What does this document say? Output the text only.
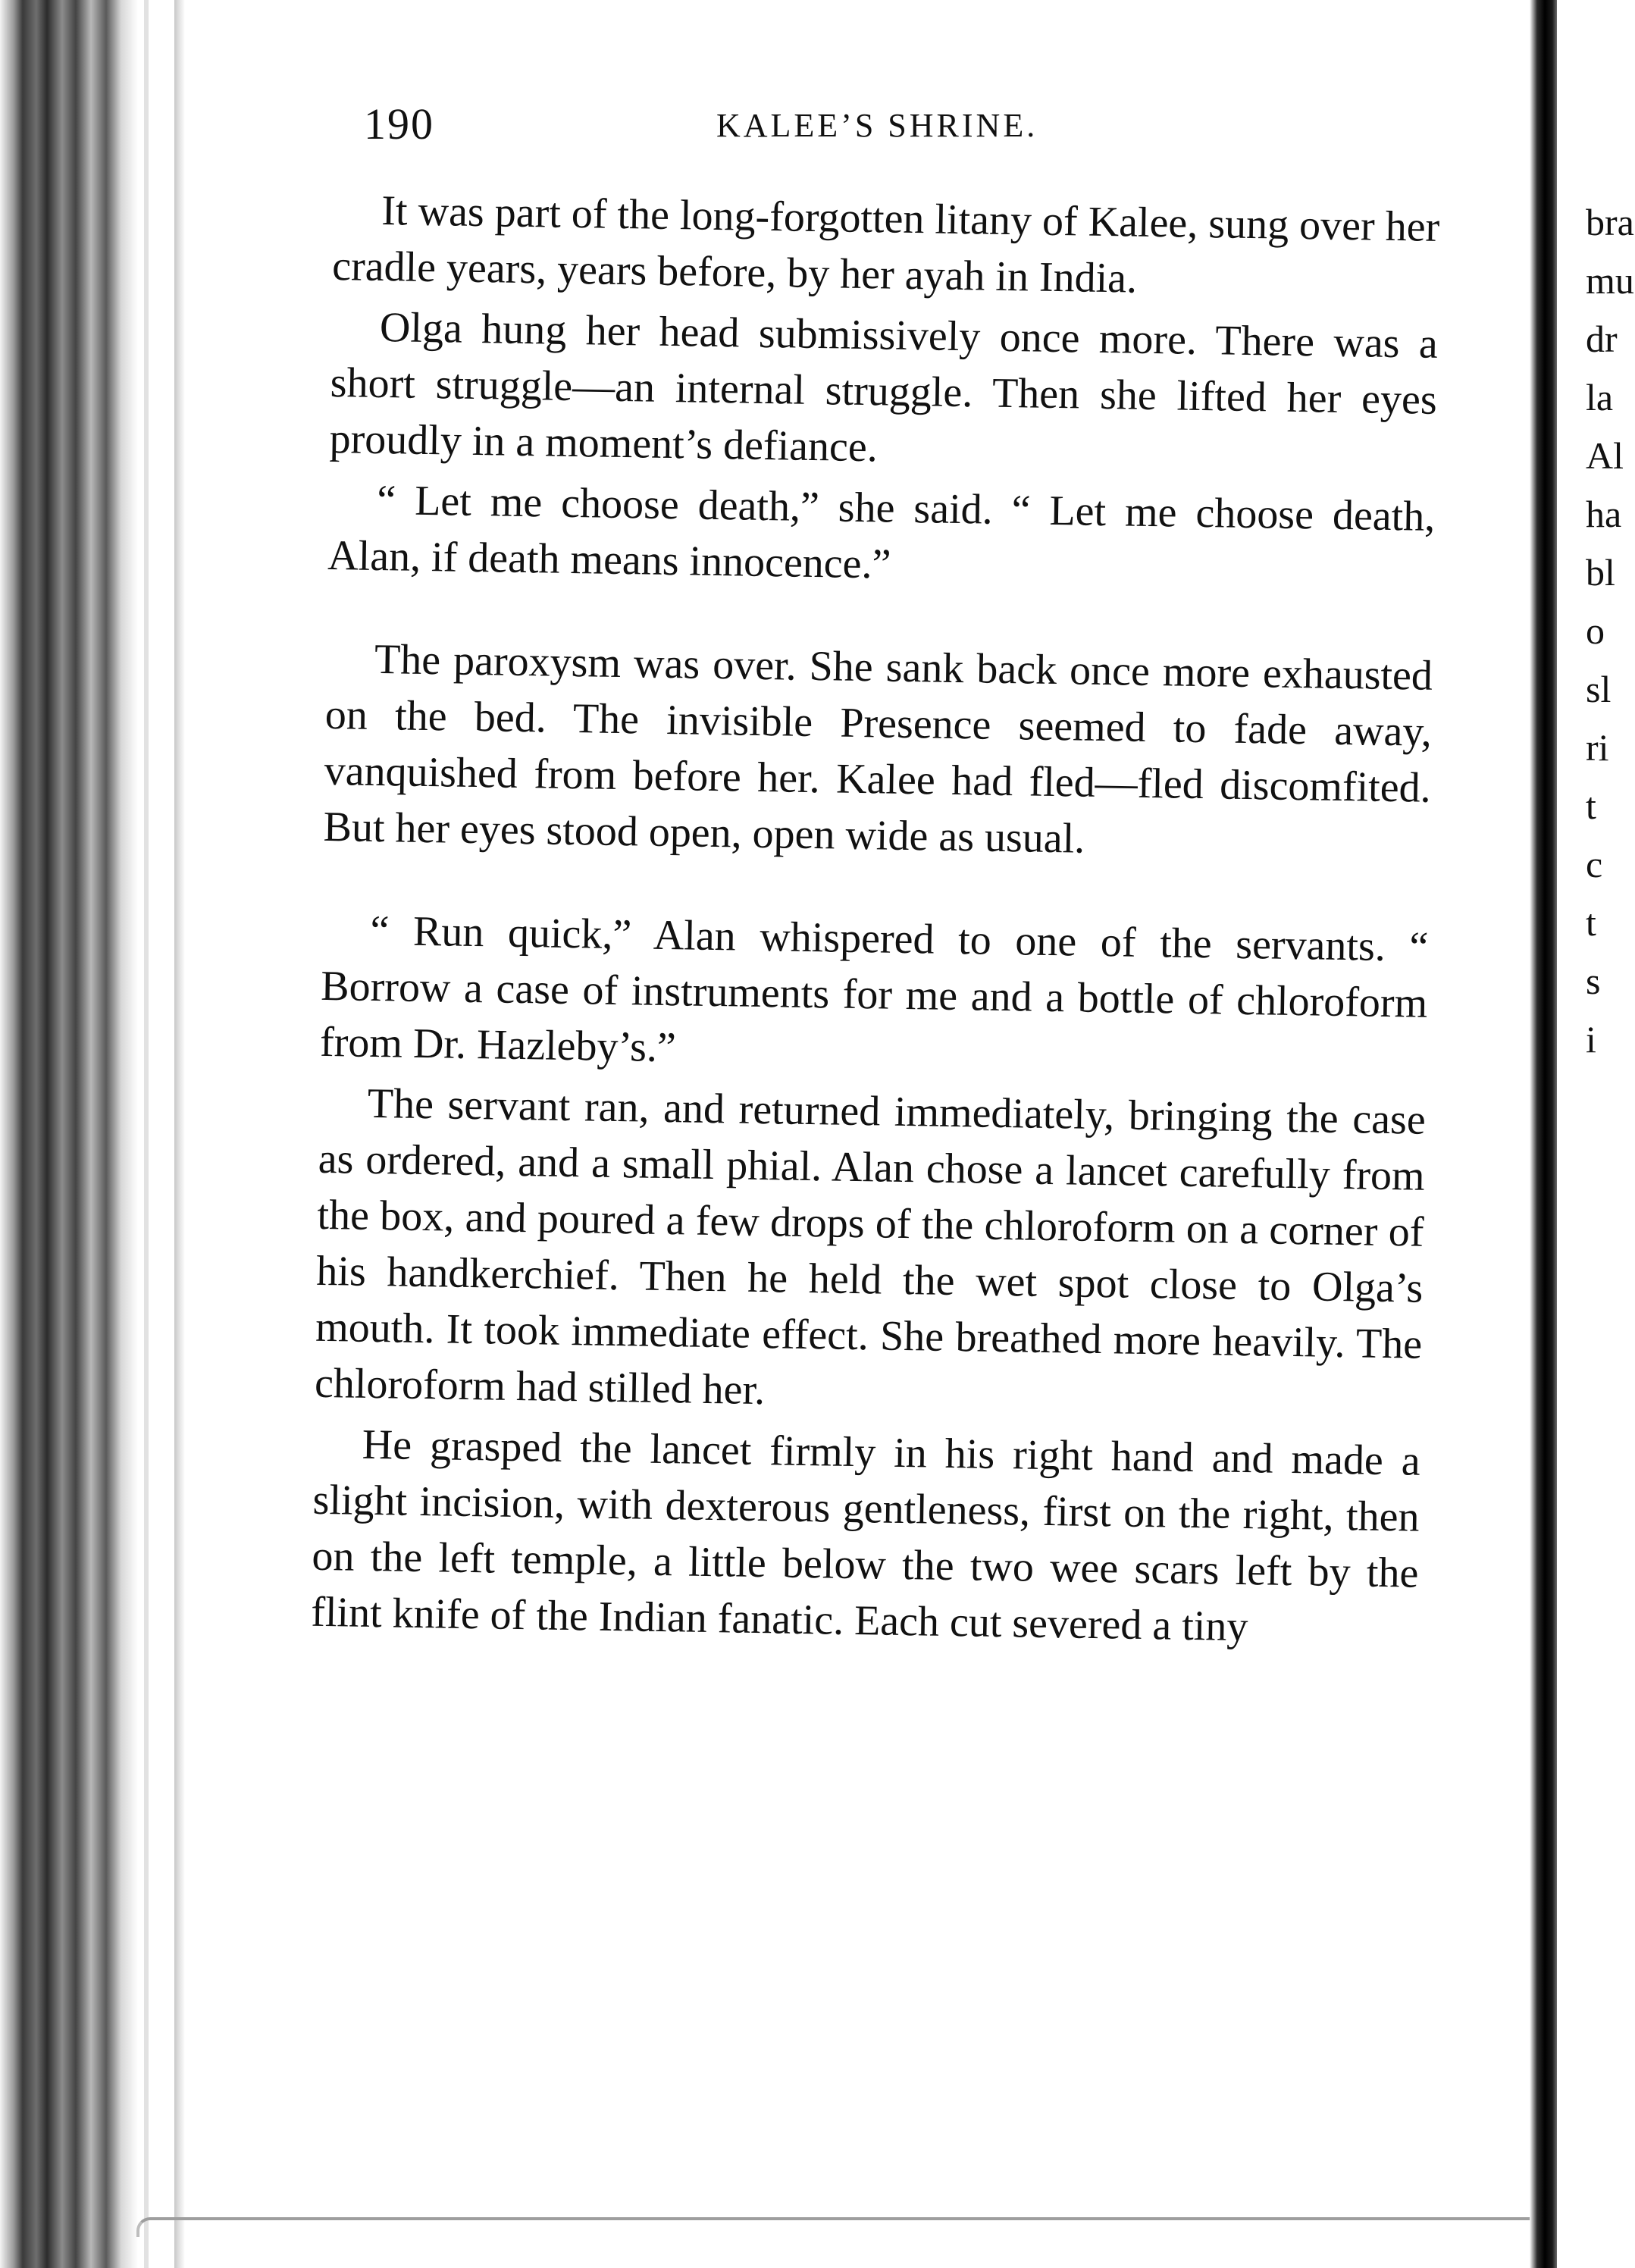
bra
mu
dr
la
Al
ha
bl
o
sl
ri
t
c
t
s
i
190	KALEE’S SHRINE.

It was part of the long-forgotten litany of Kalee, sung over her cradle years, years before, by her ayah in India.

Olga hung her head submissively once more. There was a short struggle—an internal struggle. Then she lifted her eyes proudly in a moment’s defiance.

“ Let me choose death,” she said. “ Let me choose death, Alan, if death means innocence.”

The paroxysm was over. She sank back once more exhausted on the bed. The invisible Presence seemed to fade away, vanquished from before her. Kalee had fled—fled discomfited. But her eyes stood open, open wide as usual.

“ Run quick,” Alan whispered to one of the servants. “ Borrow a case of instruments for me and a bottle of chloroform from Dr. Hazleby’s.”

The servant ran, and returned immediately, bringing the case as ordered, and a small phial. Alan chose a lancet carefully from the box, and poured a few drops of the chloroform on a corner of his handkerchief. Then he held the wet spot close to Olga’s mouth. It took immediate effect. She breathed more heavily. The chloroform had stilled her.

He grasped the lancet firmly in his right hand and made a slight incision, with dexterous gentleness, first on the right, then on the left temple, a little below the two wee scars left by the flint knife of the Indian fanatic. Each cut severed a tiny
